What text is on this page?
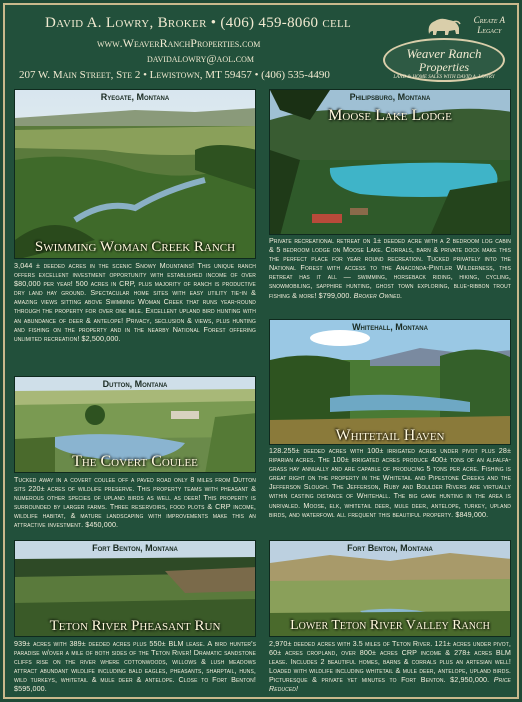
David A. Lowry, Broker • (406) 459-8060 cell
www.WeaverRanchProperties.com
davidalowry@aol.com
207 W. Main Street, Ste 2 • Lewistown, MT 59457 • (406) 535-4490
Create A
Legacy
Weaver Ranch
Properties
LAND & HOME SALES WITH DAVID A. LOWRY
Ryegate, Montana
Swimming Woman Creek Ranch
3,044 ± deeded acres in the scenic Snowy Mountains! This unique ranch offers excellent investment opportunity with established income of over $80,000 per year! 500 acres in CRP, plus majority of ranch is productive dry land hay ground. Spectacular home sites with easy utility tie-in & amazing views sitting above Swimming Woman Creek that runs year-round through the property for over one mile. Excellent upland bird hunting with an abundance of deer & antelope! Privacy, seclusion & views, plus hunting and fishing on the property and in the nearby National Forest offering unlimited recreation! $2,500,000.
Philipsburg, Montana
Moose Lake Lodge
Private recreational retreat on 1± deeded acre with a 2 bedroom log cabin & 5 bedroom lodge on Moose Lake. Corrals, barn & private dock make this the perfect place for year round recreation. Tucked privately into the National Forest with access to the Anaconda-Pintler Wilderness, this retreat has it all — swimming, horseback riding, hiking, cycling, snowmobiling, sapphire hunting, ghost town exploring, blue-ribbon trout fishing & more! $799,000. Broker Owned.
Dutton, Montana
The Covert Coulee
Tucked away in a covert coulee off a paved road only 8 miles from Dutton sits 220± acres of wildlife preserve. This property teams with pheasant & numerous other species of upland birds as well as deer! This property is surrounded by larger farms. Three reservoirs, food plots & CRP income, wildlife habitat, & mature landscaping with improvements make this an attractive investment. $450,000.
Whitehall, Montana
Whitetail Haven
128.255± deeded acres with 100± irrigated acres under pivot plus 28± riparian acres. The 100± irrigated acres produce 400± tons of an alfalfa-grass hay annually and are capable of producing 5 tons per acre. Fishing is great right on the property in the Whitetail and Pipestone Creeks and the Jefferson Slough. The Jefferson, Ruby and Boulder Rivers are virtually within casting distance of Whitehall. The big game hunting in the area is unrivaled. Moose, elk, whitetail deer, mule deer, antelope, turkey, upland birds, and waterfowl all frequent this beautiful property. $849,000.
Fort Benton, Montana
Teton River Pheasant Run
939± acres with 389± deeded acres plus 550± BLM lease. A bird hunter's paradise w/over a mile of both sides of the Teton River! Dramatic sandstone cliffs rise on the river where cottonwoods, willows & lush meadows attract abundant wildlife including bald eagles, pheasants, sharptail, huns, wild turkeys, whitetail & mule deer & antelope. Close to Fort Benton! $595,000.
Fort Benton, Montana
Lower Teton River Valley Ranch
2,970± deeded acres with 3.5 miles of Teton River. 121± acres under pivot, 60± acres cropland, over 800± acres CRP income & 278± acres BLM lease. Includes 2 beautiful homes, barns & corrals plus an artesian well! Loaded with wildlife including whitetail & mule deer, antelope, upland birds. Picturesque & private yet minutes to Fort Benton. $2,950,000. Price Reduced!
